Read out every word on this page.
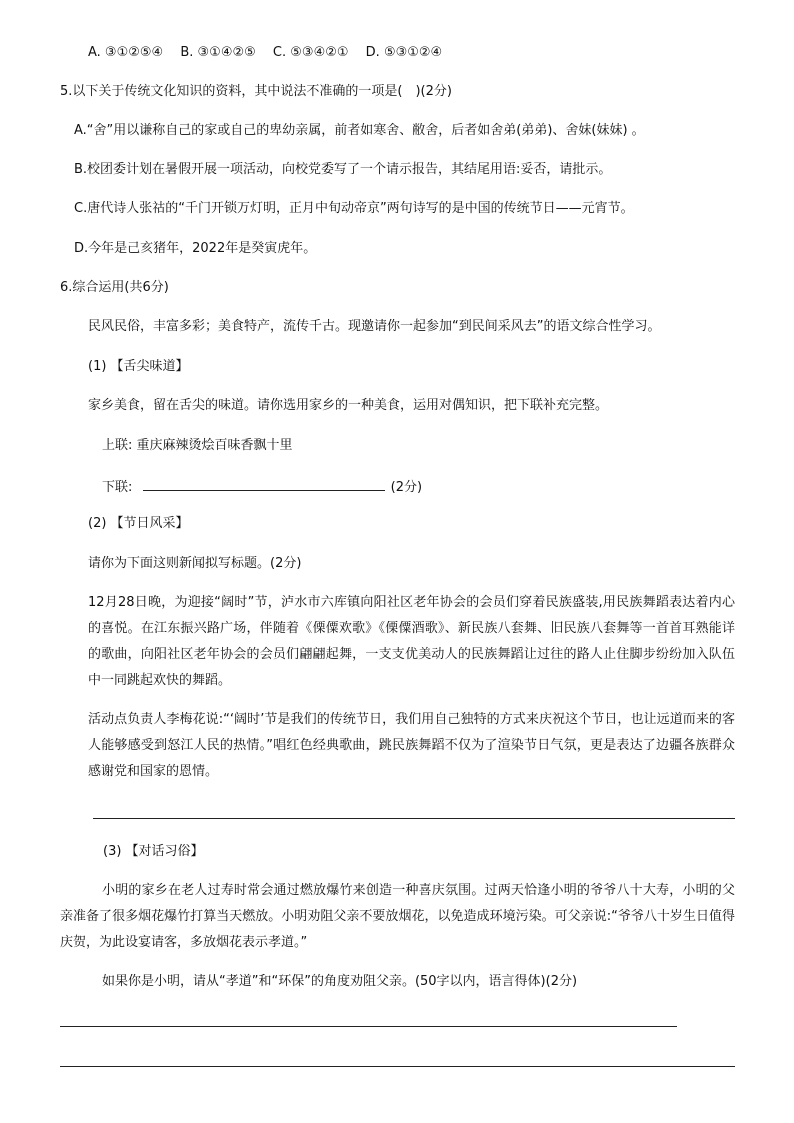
A. ③①②⑤④　 B. ③①④②⑤　 C. ⑤③④②①　 D. ⑤③①②④
5.以下关于传统文化知识的资料，其中说法不准确的一项是(　)(2分)
A.“舍”用以谦称自己的家或自己的卑幼亲属，前者如寒舍、敝舍，后者如舍弟(弟弟)、舍妹(妹妹) 。
B.校团委计划在暑假开展一项活动，向校党委写了一个请示报告，其结尾用语:妥否，请批示。
C.唐代诗人张祜的“千门开锁万灯明，正月中旬动帝京”两句诗写的是中国的传统节日——元宵节。
D.今年是己亥猪年，2022年是癸寅虎年。
6.综合运用(共6分)
民风民俗，丰富多彩；美食特产，流传千古。现邀请你一起参加“到民间采风去”的语文综合性学习。
(1) 【舌尖味道】
家乡美食，留在舌尖的味道。请你选用家乡的一种美食，运用对偶知识，把下联补充完整。
上联: 重庆麻辣烫烩百味香飘十里
下联:	(2分)
(2) 【节日风采】
请你为下面这则新闻拟写标题。(2分)
12月28日晚，为迎接“阔时”节，泸水市六库镇向阳社区老年协会的会员们穿着民族盛装,用民族舞蹈表达着内心的喜悦。在江东振兴路广场，伴随着《傈僳欢歌》《傈僳酒歌》、新民族八套舞、旧民族八套舞等一首首耳熟能详的歌曲，向阳社区老年协会的会员们翩翩起舞，一支支优美动人的民族舞蹈让过往的路人止住脚步纷纷加入队伍中一同跳起欢快的舞蹈。
活动点负责人李梅花说:“‘阔时’节是我们的传统节日，我们用自己独特的方式来庆祝这个节日，也让远道而来的客人能够感受到怒江人民的热情。”唱红色经典歌曲，跳民族舞蹈不仅为了渲染节日气氛，更是表达了边疆各族群众感谢党和国家的恩情。
(3) 【对话习俗】
小明的家乡在老人过寿时常会通过燃放爆竹来创造一种喜庆氛围。过两天恰逢小明的爷爷八十大寿，小明的父亲准备了很多烟花爆竹打算当天燃放。小明劝阻父亲不要放烟花，以免造成环境污染。可父亲说:“爷爷八十岁生日值得庆贺，为此设宴请客，多放烟花表示孝道。”
如果你是小明，请从“孝道”和“环保”的角度劝阻父亲。(50字以内，语言得体)(2分)
